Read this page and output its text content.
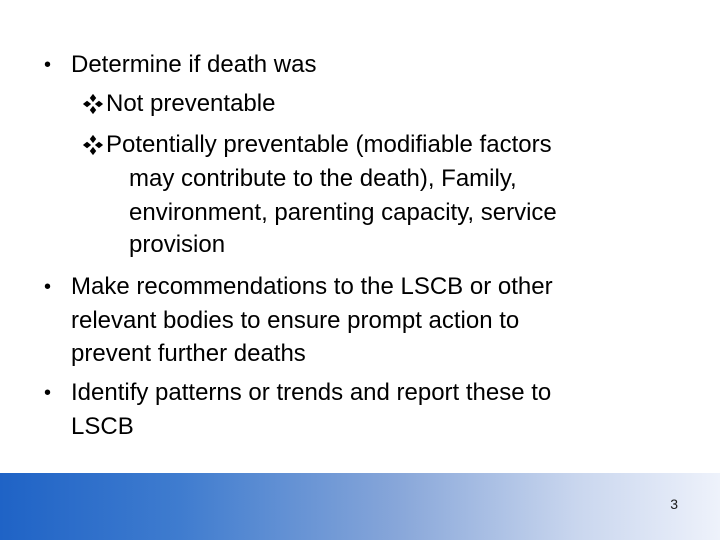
• Determine if death was
Not preventable
Potentially preventable (modifiable factors
may contribute to the death), Family,
environment, parenting capacity, service
provision
• Make recommendations to the LSCB or other
relevant bodies to ensure prompt action to
prevent further deaths
• Identify patterns or trends and report these to
LSCB
3
